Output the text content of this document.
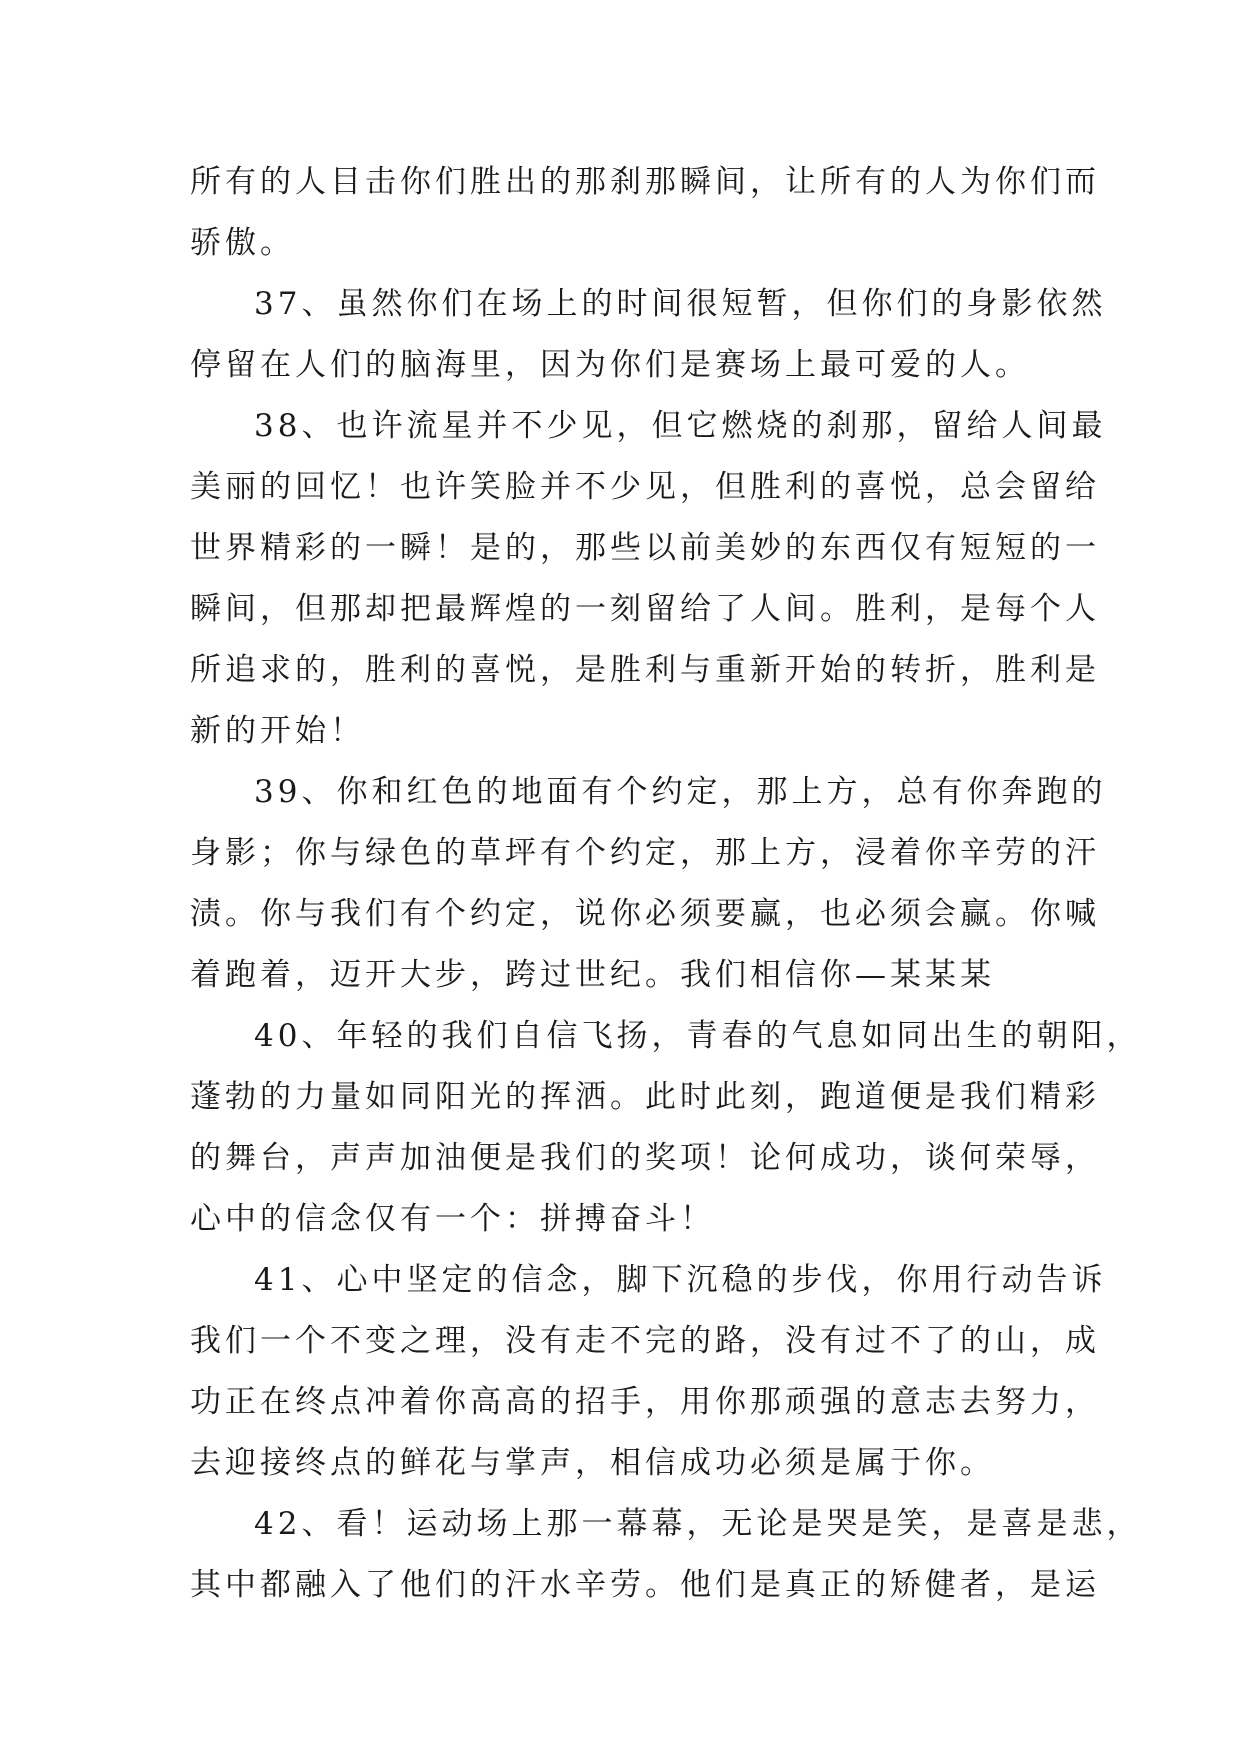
所有的人目击你们胜出的那刹那瞬间，让所有的人为你们而
骄傲。
37、虽然你们在场上的时间很短暂，但你们的身影依然
停留在人们的脑海里，因为你们是赛场上最可爱的人。
38、也许流星并不少见，但它燃烧的刹那，留给人间最
美丽的回忆！也许笑脸并不少见，但胜利的喜悦，总会留给
世界精彩的一瞬！是的，那些以前美妙的东西仅有短短的一
瞬间，但那却把最辉煌的一刻留给了人间。胜利，是每个人
所追求的，胜利的喜悦，是胜利与重新开始的转折，胜利是
新的开始！
39、你和红色的地面有个约定，那上方，总有你奔跑的
身影；你与绿色的草坪有个约定，那上方，浸着你辛劳的汗
渍。你与我们有个约定，说你必须要赢，也必须会赢。你喊
着跑着，迈开大步，跨过世纪。我们相信你—某某某
40、年轻的我们自信飞扬，青春的气息如同出生的朝阳，
蓬勃的力量如同阳光的挥洒。此时此刻，跑道便是我们精彩
的舞台，声声加油便是我们的奖项！论何成功，谈何荣辱，
心中的信念仅有一个：拼搏奋斗！
41、心中坚定的信念，脚下沉稳的步伐，你用行动告诉
我们一个不变之理，没有走不完的路，没有过不了的山，成
功正在终点冲着你高高的招手，用你那顽强的意志去努力，
去迎接终点的鲜花与掌声，相信成功必须是属于你。
42、看！运动场上那一幕幕，无论是哭是笑，是喜是悲，
其中都融入了他们的汗水辛劳。他们是真正的矫健者，是运
